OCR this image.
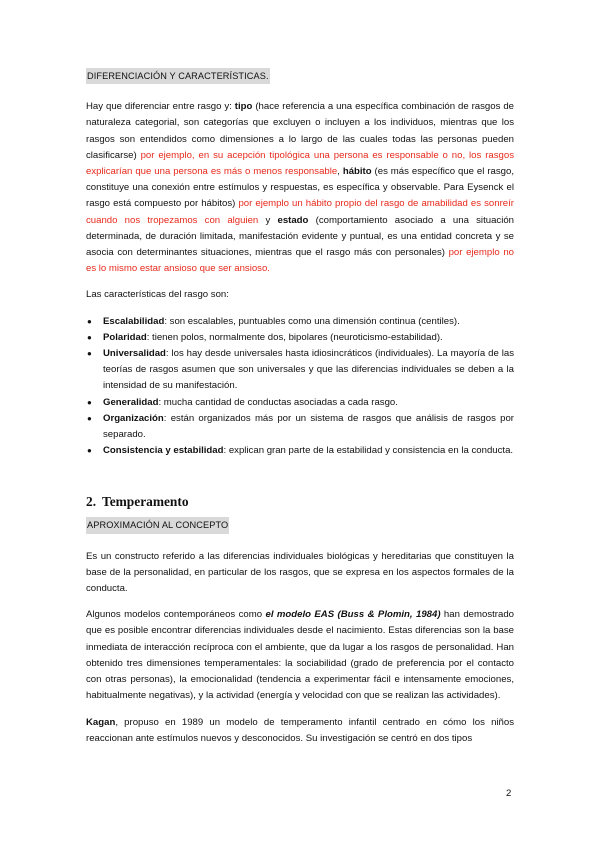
DIFERENCIACIÓN Y CARACTERÍSTICAS.

Hay que diferenciar entre rasgo y: tipo (hace referencia a una específica combinación de rasgos de naturaleza categorial, son categorías que excluyen o incluyen a los individuos, mientras que los rasgos son entendidos como dimensiones a lo largo de las cuales todas las personas pueden clasificarse) por ejemplo, en su acepción tipológica una persona es responsable o no, los rasgos explicarían que una persona es más o menos responsable, hábito (es más específico que el rasgo, constituye una conexión entre estímulos y respuestas, es específica y observable. Para Eysenck el rasgo está compuesto por hábitos) por ejemplo un hábito propio del rasgo de amabilidad es sonreír cuando nos tropezamos con alguien y estado (comportamiento asociado a una situación determinada, de duración limitada, manifestación evidente y puntual, es una entidad concreta y se asocia con determinantes situaciones, mientras que el rasgo más con personales) por ejemplo no es lo mismo estar ansioso que ser ansioso.

Las características del rasgo son:

● Escalabilidad: son escalables, puntuables como una dimensión continua (centiles).
● Polaridad: tienen polos, normalmente dos, bipolares (neuroticismo-estabilidad).
● Universalidad: los hay desde universales hasta idiosincráticos (individuales). La mayoría de las teorías de rasgos asumen que son universales y que las diferencias individuales se deben a la intensidad de su manifestación.
● Generalidad: mucha cantidad de conductas asociadas a cada rasgo.
● Organización: están organizados más por un sistema de rasgos que análisis de rasgos por separado.
● Consistencia y estabilidad: explican gran parte de la estabilidad y consistencia en la conducta.
2. Temperamento
APROXIMACIÓN AL CONCEPTO

Es un constructo referido a las diferencias individuales biológicas y hereditarias que constituyen la base de la personalidad, en particular de los rasgos, que se expresa en los aspectos formales de la conducta.

Algunos modelos contemporáneos como el modelo EAS (Buss & Plomin, 1984) han demostrado que es posible encontrar diferencias individuales desde el nacimiento. Estas diferencias son la base inmediata de interacción recíproca con el ambiente, que da lugar a los rasgos de personalidad. Han obtenido tres dimensiones temperamentales: la sociabilidad (grado de preferencia por el contacto con otras personas), la emocionalidad (tendencia a experimentar fácil e intensamente emociones, habitualmente negativas), y la actividad (energía y velocidad con que se realizan las actividades).

Kagan, propuso en 1989 un modelo de temperamento infantil centrado en cómo los niños reaccionan ante estímulos nuevos y desconocidos. Su investigación se centró en dos tipos

2
